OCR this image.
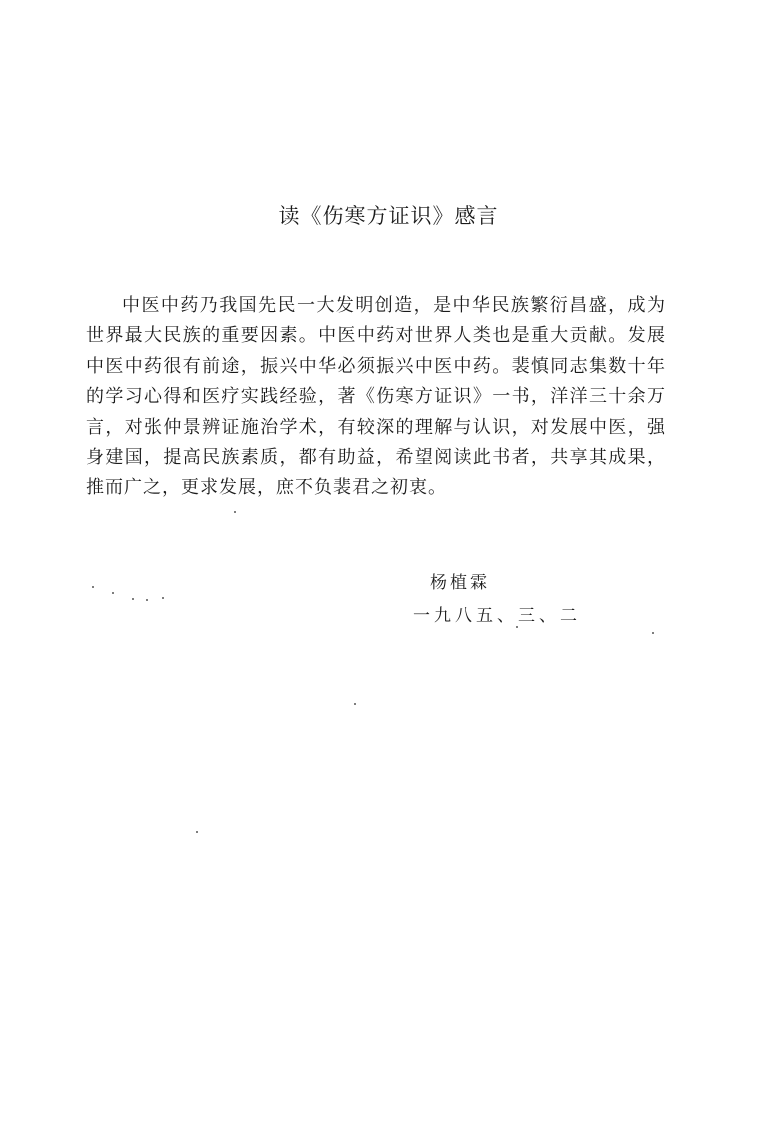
读《伤寒方证识》感言

中医中药乃我国先民一大发明创造，是中华民族繁衍昌盛，成为世界最大民族的重要因素。中医中药对世界人类也是重大贡献。发展中医中药很有前途，振兴中华必须振兴中医中药。裴慎同志集数十年的学习心得和医疗实践经验，著《伤寒方证识》一书，洋洋三十余万言，对张仲景辨证施治学术，有较深的理解与认识，对发展中医，强身建国，提高民族素质，都有助益，希望阅读此书者，共享其成果，推而广之，更求发展，庶不负裴君之初衷。

杨植霖

一九八五、三、二
